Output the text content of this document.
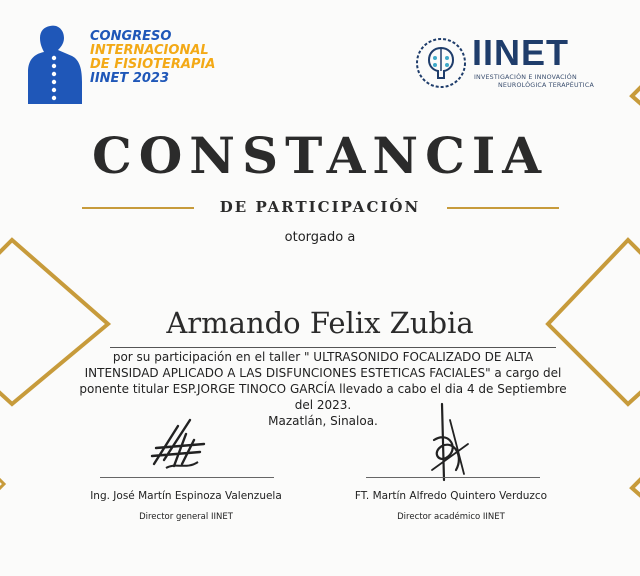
CONGRESO
INTERNACIONAL
DE FISIOTERAPIA
IINET 2023
IINET
INVESTIGACIÓN E INNOVACIÓN
NEUROLÓGICA TERAPÉUTICA
CONSTANCIA
DE PARTICIPACIÓN
otorgado a
Armando Felix Zubia
por su participación en el taller " ULTRASONIDO FOCALIZADO DE ALTA
INTENSIDAD APLICADO A LAS DISFUNCIONES ESTETICAS FACIALES" a cargo del
ponente titular ESP.JORGE TINOCO GARCÍA llevado a cabo el dia 4 de Septiembre
del 2023.
Mazatlán, Sinaloa.
Ing. José Martín Espinoza Valenzuela
Director general IINET
FT. Martín Alfredo Quintero Verduzco
Director académico IINET
